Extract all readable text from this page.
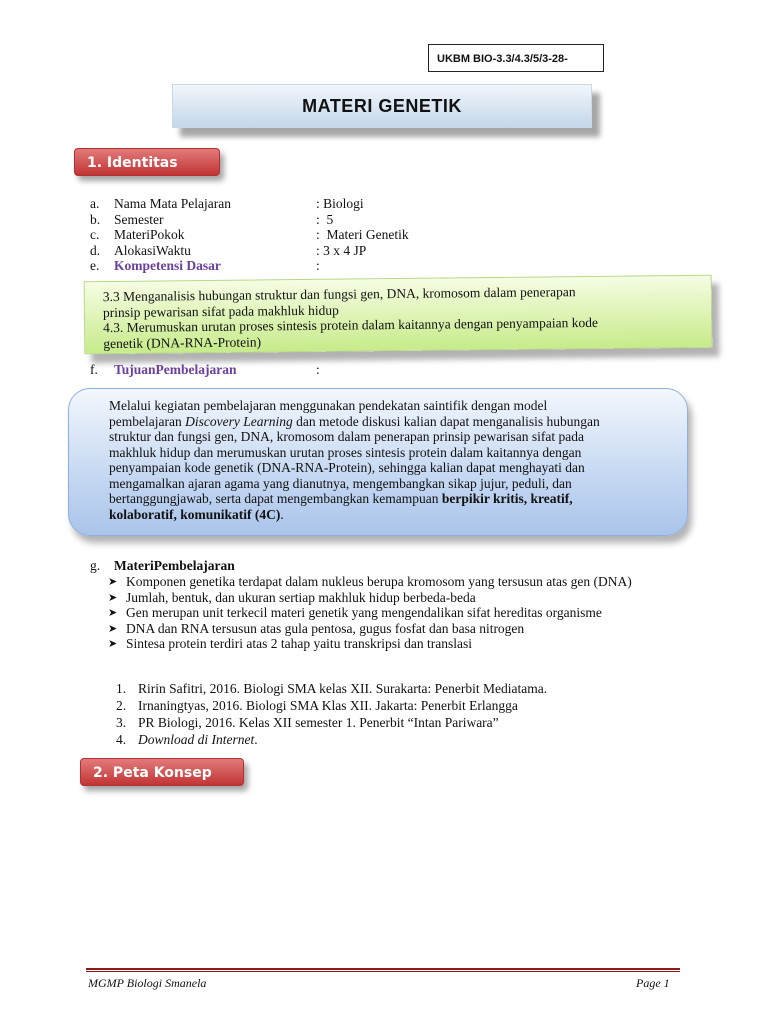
UKBM BIO-3.3/4.3/5/3-28-
MATERI GENETIK
1. Identitas
a. Nama Mata Pelajaran	: Biologi
b. Semester	:  5
c. MateriPokok	:  Materi Genetik
d. AlokasiWaktu	: 3 x 4 JP
e. Kompetensi Dasar	:
3.3 Menganalisis hubungan struktur dan fungsi gen, DNA, kromosom dalam penerapan
prinsip pewarisan sifat pada makhluk hidup
4.3. Merumuskan urutan proses sintesis protein dalam kaitannya dengan penyampaian kode
genetik (DNA-RNA-Protein)
f. TujuanPembelajaran	:
Melalui kegiatan pembelajaran menggunakan pendekatan saintifik dengan model
pembelajaran Discovery Learning dan metode diskusi kalian dapat menganalisis hubungan
struktur dan fungsi gen, DNA, kromosom dalam penerapan prinsip pewarisan sifat pada
makhluk hidup dan merumuskan urutan proses sintesis protein dalam kaitannya dengan
penyampaian kode genetik (DNA-RNA-Protein), sehingga kalian dapat menghayati dan
mengamalkan ajaran agama yang dianutnya, mengembangkan sikap jujur, peduli, dan
bertanggungjawab, serta dapat mengembangkan kemampuan berpikir kritis, kreatif,
kolaboratif, komunikatif (4C).
g. MateriPembelajaran
➤ Komponen genetika terdapat dalam nukleus berupa kromosom yang tersusun atas gen (DNA)
➤ Jumlah, bentuk, dan ukuran sertiap makhluk hidup berbeda-beda
➤ Gen merupan unit terkecil materi genetik yang mengendalikan sifat hereditas organisme
➤ DNA dan RNA tersusun atas gula pentosa, gugus fosfat dan basa nitrogen
➤ Sintesa protein terdiri atas 2 tahap yaitu transkripsi dan translasi
1. Ririn Safitri, 2016. Biologi SMA kelas XII. Surakarta: Penerbit Mediatama.
2. Irnaningtyas, 2016. Biologi SMA Klas XII. Jakarta: Penerbit Erlangga
3. PR Biologi, 2016. Kelas XII semester 1. Penerbit “Intan Pariwara”
4. Download di Internet.
2. Peta Konsep
MGMP Biologi Smanela	Page 1
